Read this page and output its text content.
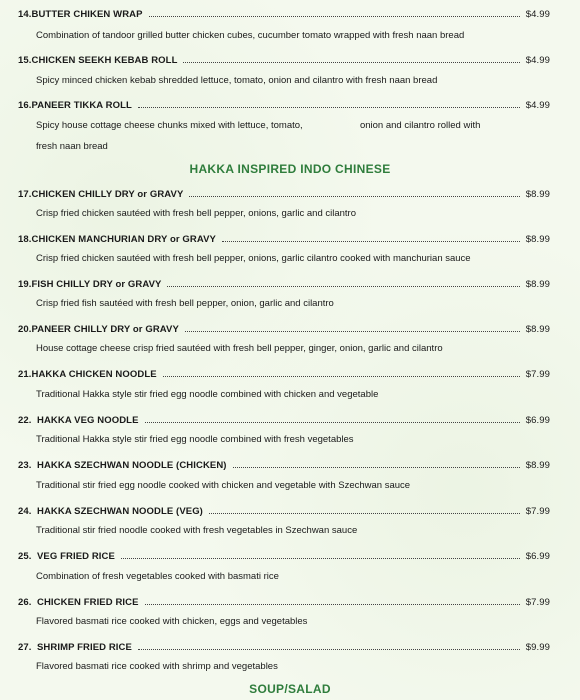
14.BUTTER CHIKEN WRAP	$4.99
Combination of tandoor grilled butter chicken cubes, cucumber tomato wrapped with fresh naan bread
15.CHICKEN SEEKH KEBAB ROLL	$4.99
Spicy minced chicken kebab shredded lettuce, tomato, onion and cilantro with fresh naan bread
16.PANEER TIKKA ROLL	$4.99
Spicy house cottage cheese chunks mixed with lettuce, tomato,	onion and cilantro rolled with
fresh naan bread
HAKKA INSPIRED INDO CHINESE
17.CHICKEN CHILLY DRY or GRAVY	$8.99
Crisp fried chicken sautéed with fresh bell pepper, onions, garlic and cilantro
18.CHICKEN MANCHURIAN DRY or GRAVY	$8.99
Crisp fried chicken sautéed with fresh bell pepper, onions, garlic cilantro cooked with manchurian sauce
19.FISH CHILLY DRY or GRAVY	$8.99
Crisp fried fish sautéed with fresh bell pepper, onion, garlic and cilantro
20.PANEER CHILLY DRY or GRAVY	$8.99
House cottage cheese crisp fried sautéed with fresh bell pepper, ginger, onion, garlic and cilantro
21.HAKKA CHICKEN NOODLE	$7.99
Traditional Hakka style stir fried egg noodle combined with chicken and vegetable
22.  HAKKA VEG NOODLE	$6.99
Traditional Hakka style stir fried egg noodle combined with fresh vegetables
23.  HAKKA SZECHWAN NOODLE (CHICKEN)	$8.99
Traditional stir fried egg noodle cooked with chicken and vegetable with Szechwan sauce
24.  HAKKA SZECHWAN NOODLE (VEG)	$7.99
Traditional stir fried noodle cooked with fresh vegetables in Szechwan sauce
25.  VEG FRIED RICE	$6.99
Combination of fresh vegetables cooked with basmati rice
26.  CHICKEN FRIED RICE	$7.99
Flavored basmati rice cooked with chicken, eggs and vegetables
27.  SHRIMP FRIED RICE	$9.99
Flavored basmati rice cooked with shrimp and vegetables
SOUP/SALAD
